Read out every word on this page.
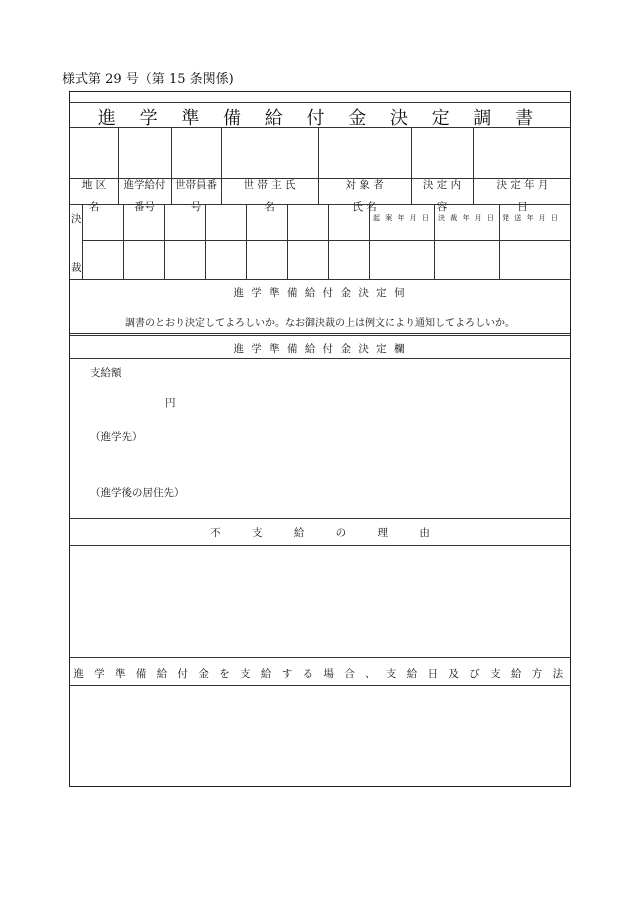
様式第 29 号（第 15 条関係)
進 学 準 備 給 付 金 決 定 調 書

地 区
名

進学給付
番号

世帯員番
号

世 帯 主 氏
名

対 象 者
氏 名

決 定 内
容

決 定 年 月
日

決
裁
起 案 年 月 日 決 裁 年 月 日 発 送 年 月 日
進 学 準 備 給 付 金 決 定 伺
調書のとおり決定してよろしいか。なお御決裁の上は例文により通知してよろしいか。
進 学 準 備 給 付 金 決 定 欄
支給額
円
（進学先）
（進学後の居住先）
不 支 給 の 理 由
進 学 準 備 給 付 金 を 支 給 す る 場 合 、 支 給 日 及 び 支 給 方 法
